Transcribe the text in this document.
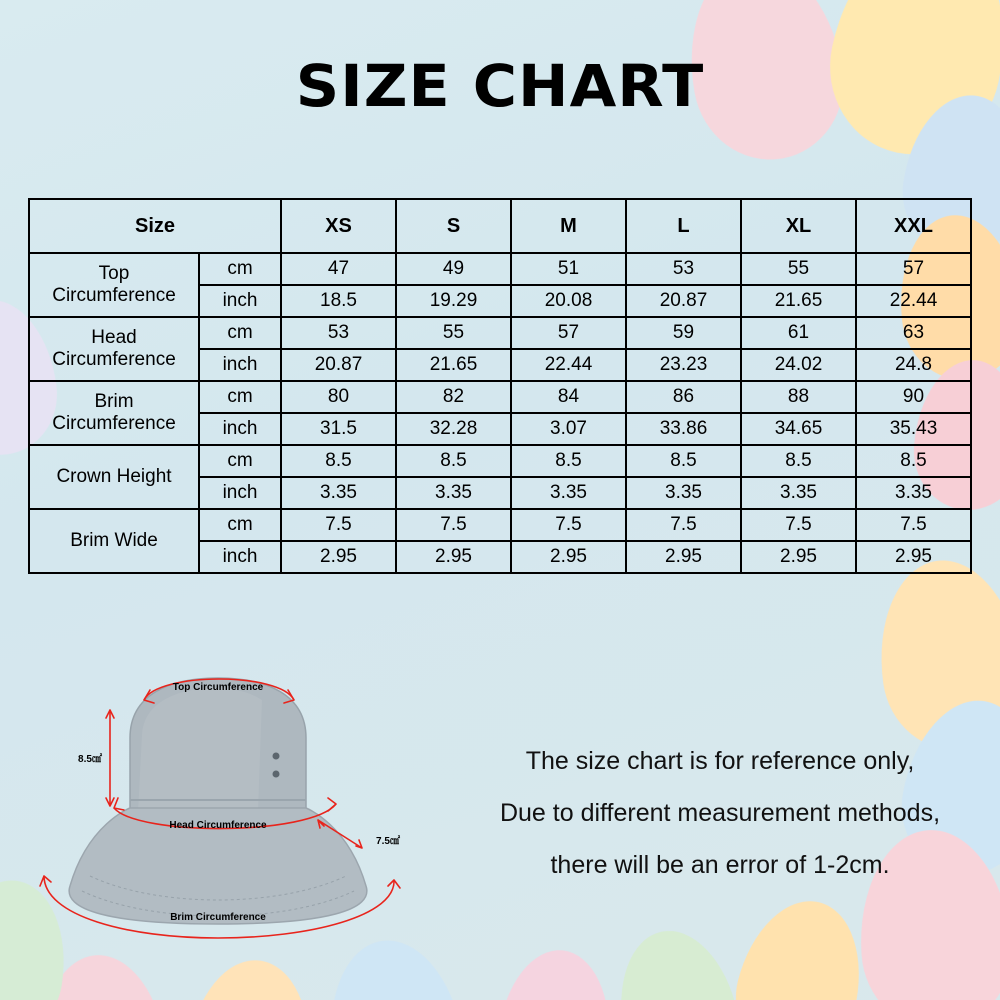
SIZE CHART
Size		XS	S	M	L	XL	XXL
Top
Circumference	cm	47	49	51	53	55	57
	inch	18.5	19.29	20.08	20.87	21.65	22.44
Head
Circumference	cm	53	55	57	59	61	63
	inch	20.87	21.65	22.44	23.23	24.02	24.8
Brim
Circumference	cm	80	82	84	86	88	90
	inch	31.5	32.28	3.07	33.86	34.65	35.43
Crown Height	cm	8.5	8.5	8.5	8.5	8.5	8.5
	inch	3.35	3.35	3.35	3.35	3.35	3.35
Brim Wide	cm	7.5	7.5	7.5	7.5	7.5	7.5
	inch	2.95	2.95	2.95	2.95	2.95	2.95
Top Circumference
8.5㎠
Head Circumference
7.5㎠
Brim Circumference
The size chart is for reference only,
Due to different measurement methods,
there will be an error of 1-2cm.
